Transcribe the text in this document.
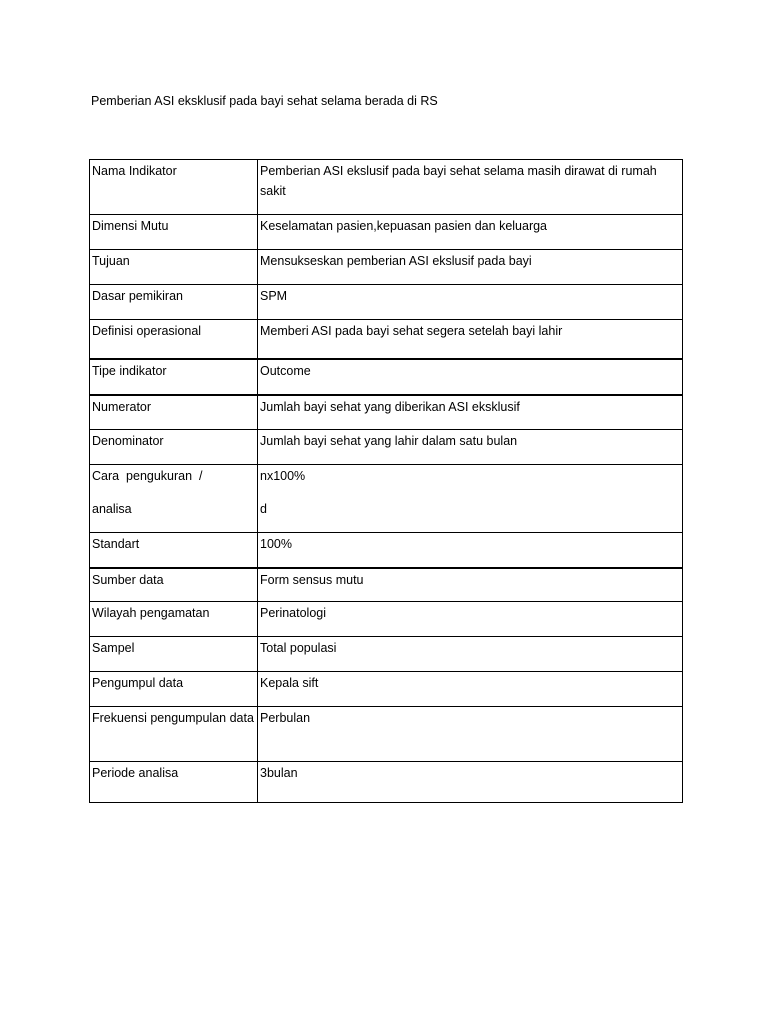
Pemberian ASI eksklusif pada bayi sehat selama berada di RS
Nama Indikator	Pemberian ASI ekslusif pada bayi sehat selama masih dirawat di rumah sakit

Dimensi Mutu	Keselamatan pasien,kepuasan pasien dan keluarga

Tujuan	Mensukseskan pemberian ASI ekslusif pada bayi

Dasar pemikiran	SPM

Definisi operasional	Memberi ASI pada bayi sehat segera setelah bayi lahir

Tipe indikator	Outcome

Numerator	Jumlah bayi sehat yang diberikan ASI eksklusif

Denominator	Jumlah bayi sehat yang lahir dalam satu bulan

Cara  pengukuran  /
analisa	nx100%
d

Standart	100%

Sumber data	Form sensus mutu

Wilayah pengamatan	Perinatologi

Sampel	Total populasi

Pengumpul data	Kepala sift

Frekuensi pengumpulan data	Perbulan

Periode analisa	3bulan
